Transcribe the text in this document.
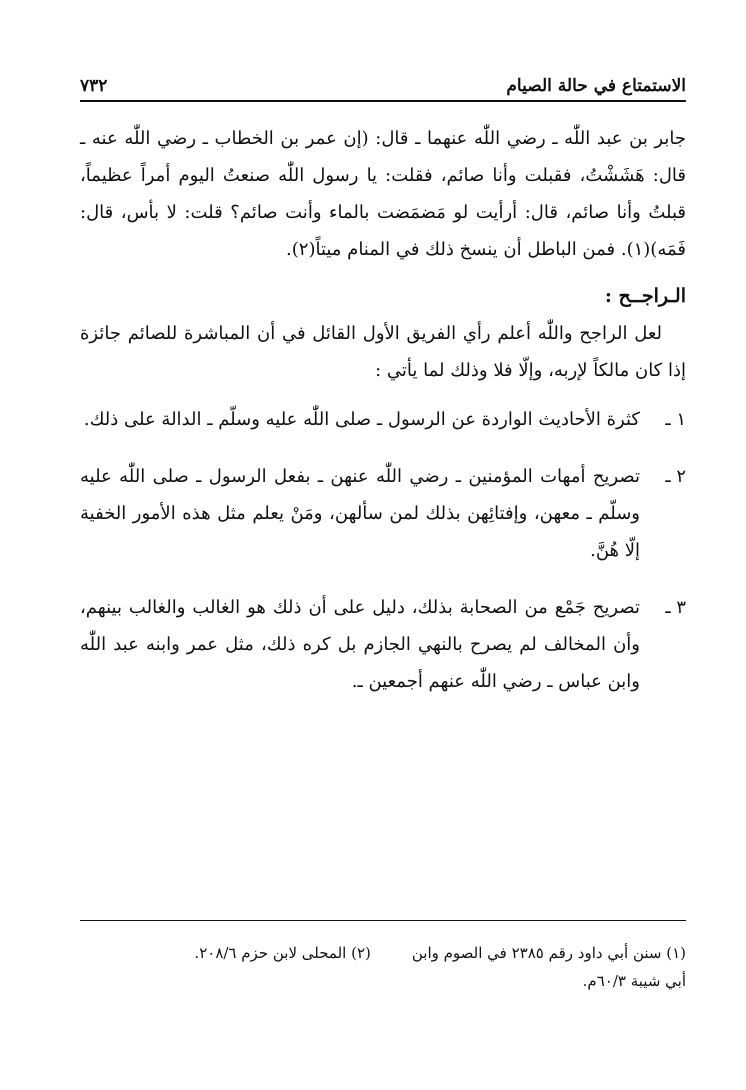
الاستمتاع في حالة الصيام
٧٣٢

جابر بن عبد اللّٰه ـ رضي اللّٰه عنهما ـ قال: (إن عمر بن الخطاب ـ رضي اللّٰه عنه ـ قال: هَشَشْتُ، فقبلت وأنا صائم، فقلت: يا رسول اللّٰه صنعتُ اليوم أمراً عظيماً، قبلتُ وأنا صائم، قال: أرأيت لو مَضمَضت بالماء وأنت صائم؟ قلت: لا بأس، قال: فَمَه)(١). فمن الباطل أن ينسخ ذلك في المنام ميتاً(٢).

الـراجــح :

لعل الراجح واللّٰه أعلم رأي الفريق الأول القائل في أن المباشرة للصائم جائزة إذا كان مالكاً لإربه، وإلّا فلا وذلك لما يأتي :

١ ـ
كثرة الأحاديث الواردة عن الرسول ـ صلى اللّٰه عليه وسلّم ـ الدالة على ذلك.
٢ ـ
تصريح أمهات المؤمنين ـ رضي اللّٰه عنهن ـ بفعل الرسول ـ صلى اللّٰه عليه وسلّم ـ معهن، وإفتائِهن بذلك لمن سألهن، ومَنْ يعلم مثل هذه الأمور الخفية إلّا هُنَّ.
٣ ـ
تصريح جَمْع من الصحابة بذلك، دليل على أن ذلك هو الغالب والغالب بينهم، وأن المخالف لم يصرح بالنهي الجازم بل كره ذلك، مثل عمر وابنه عبد اللّٰه وابن عباس ـ رضي اللّٰه عنهم أجمعين ـ.
(١) سنن أبي داود رقم ٢٣٨٥ في الصوم وابن أبي شيبة ٦٠/٣م.
(٢) المحلى لابن حزم ٢٠٨/٦.
